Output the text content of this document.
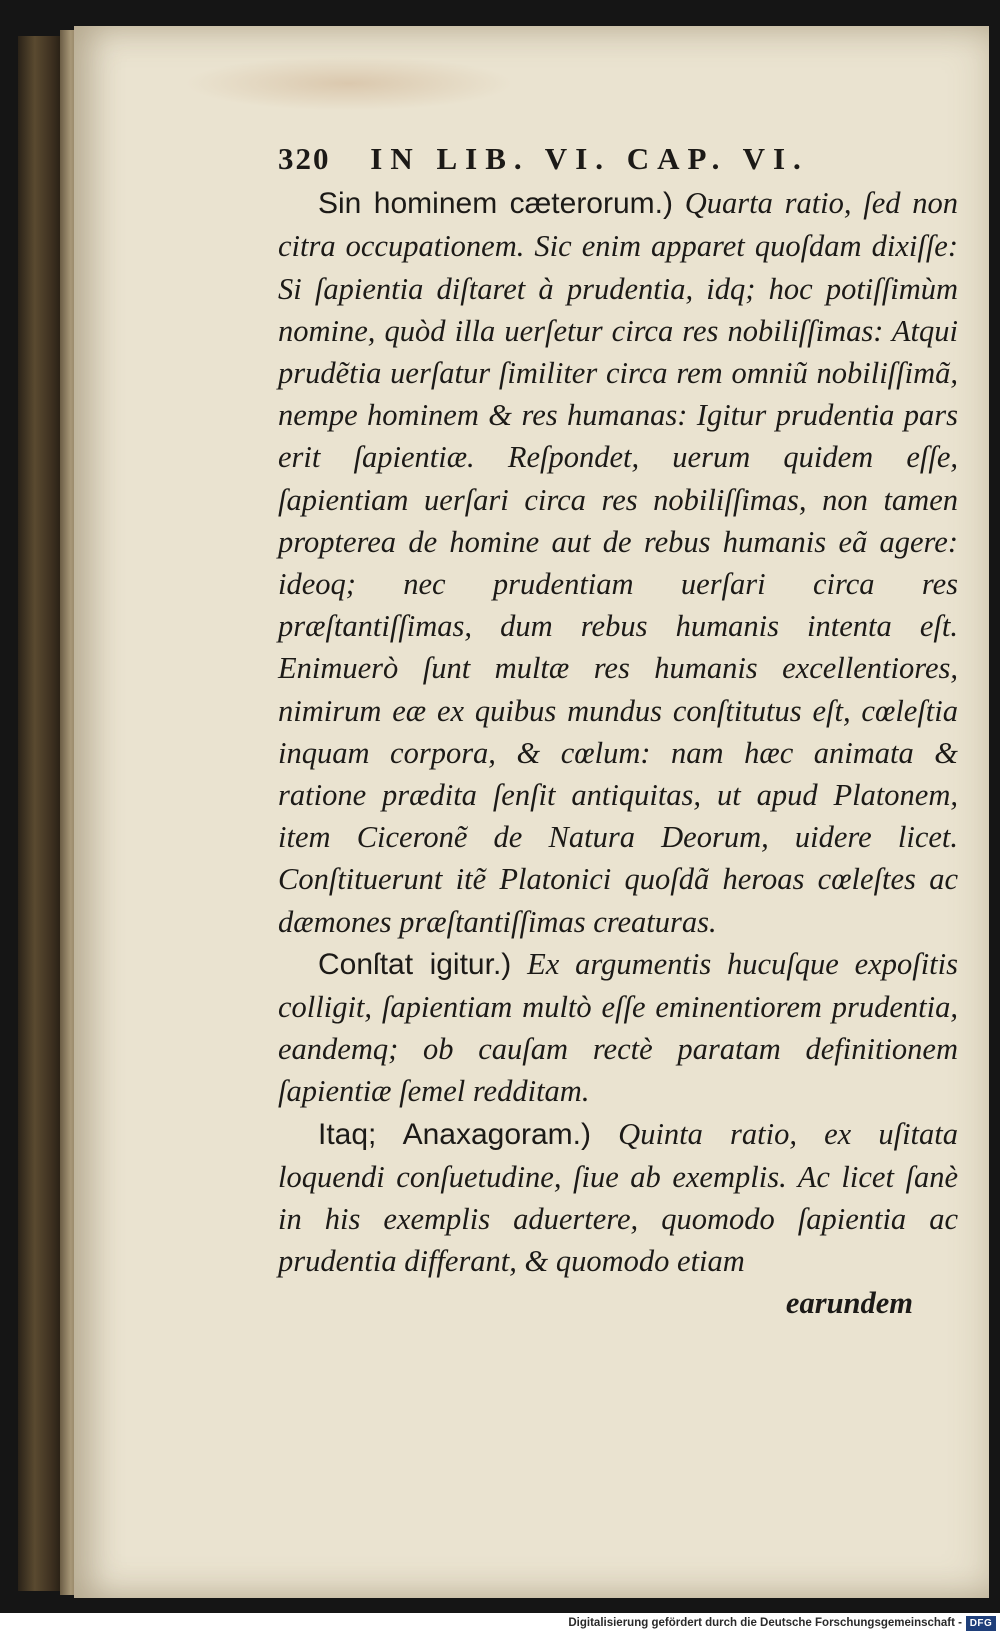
320 IN LIB. VI. CAP. VI.
Sin hominem cæterorum.) Quarta ratio, ſed non citra occupationem. Sic enim apparet quoſdam dixiſſe: Si ſapientia diſtaret à prudentia, idq; hoc potiſſimùm nomine, quòd illa uerſetur circa res nobiliſſimas: Atqui prudẽtia uerſatur ſimiliter circa rem omniũ nobiliſſimã, nempe hominem & res humanas: Igitur prudentia pars erit ſapientiæ. Reſpondet, uerum quidem eſſe, ſapientiam uerſari circa res nobiliſſimas, non tamen propterea de homine aut de rebus humanis eã agere: ideoq; nec prudentiam uerſari circa res præſtantiſſimas, dum rebus humanis intenta eſt. Enimuerò ſunt multæ res humanis excellentiores, nimirum eæ ex quibus mundus conſtitutus eſt, cœleſtia inquam corpora, & cœlum: nam hæc animata & ratione prædita ſenſit antiquitas, ut apud Platonem, item Ciceronẽ de Natura Deorum, uidere licet. Conſtituerunt itẽ Platonici quoſdã heroas cœleſtes ac dæmones præſtantiſſimas creaturas.
Conſtat igitur.) Ex argumentis hucuſque expoſitis colligit, ſapientiam multò eſſe eminentiorem prudentia, eandemq; ob cauſam rectè paratam definitionem ſapientiæ ſemel redditam.
Itaq; Anaxagoram.) Quinta ratio, ex uſitata loquendi conſuetudine, ſiue ab exemplis. Ac licet ſanè in his exemplis aduertere, quomodo ſapientia ac prudentia differant, & quomodo etiam
earundem
Digitalisierung gefördert durch die Deutsche Forschungsgemeinschaft - DFG
